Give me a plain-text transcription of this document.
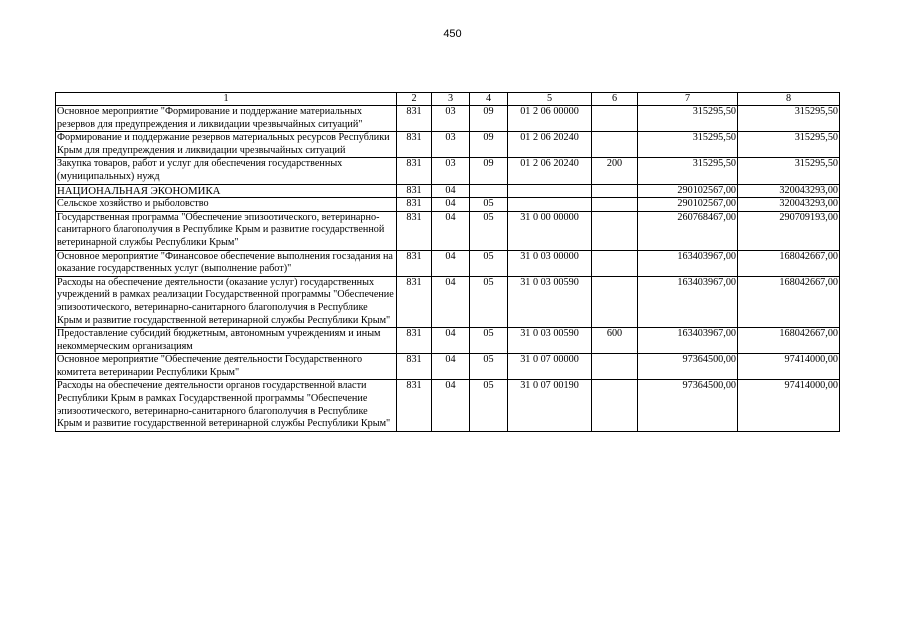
450
1	2	3	4	5	6	7	8
Основное мероприятие "Формирование и поддержание материальных резервов для предупреждения и ликвидации чрезвычайных ситуаций"	831	03	09	01 2 06 00000		315295,50	315295,50
Формирование и поддержание резервов материальных ресурсов Республики Крым для предупреждения и ликвидации чрезвычайных ситуаций	831	03	09	01 2 06 20240		315295,50	315295,50
Закупка товаров, работ и услуг для обеспечения государственных (муниципальных) нужд	831	03	09	01 2 06 20240	200	315295,50	315295,50
НАЦИОНАЛЬНАЯ ЭКОНОМИКА	831	04				290102567,00	320043293,00
Сельское хозяйство и рыболовство	831	04	05			290102567,00	320043293,00
Государственная программа "Обеспечение эпизоотического, ветеринарно-санитарного благополучия в Республике Крым и развитие государственной ветеринарной службы Республики Крым"	831	04	05	31 0 00 00000		260768467,00	290709193,00
Основное мероприятие "Финансовое обеспечение выполнения госзадания на оказание государственных услуг (выполнение работ)"	831	04	05	31 0 03 00000		163403967,00	168042667,00
Расходы на обеспечение деятельности (оказание услуг) государственных учреждений в рамках реализации Государственной программы "Обеспечение эпизоотического, ветеринарно-санитарного благополучия в Республике Крым и развитие государственной ветеринарной службы Республики Крым"	831	04	05	31 0 03 00590		163403967,00	168042667,00
Предоставление субсидий бюджетным, автономным учреждениям и иным некоммерческим организациям	831	04	05	31 0 03 00590	600	163403967,00	168042667,00
Основное мероприятие "Обеспечение деятельности Государственного комитета ветеринарии Республики Крым"	831	04	05	31 0 07 00000		97364500,00	97414000,00
Расходы на обеспечение деятельности органов государственной власти Республики Крым в рамках Государственной программы "Обеспечение эпизоотического, ветеринарно-санитарного благополучия в Республике Крым и развитие государственной ветеринарной службы Республики Крым"	831	04	05	31 0 07 00190		97364500,00	97414000,00
